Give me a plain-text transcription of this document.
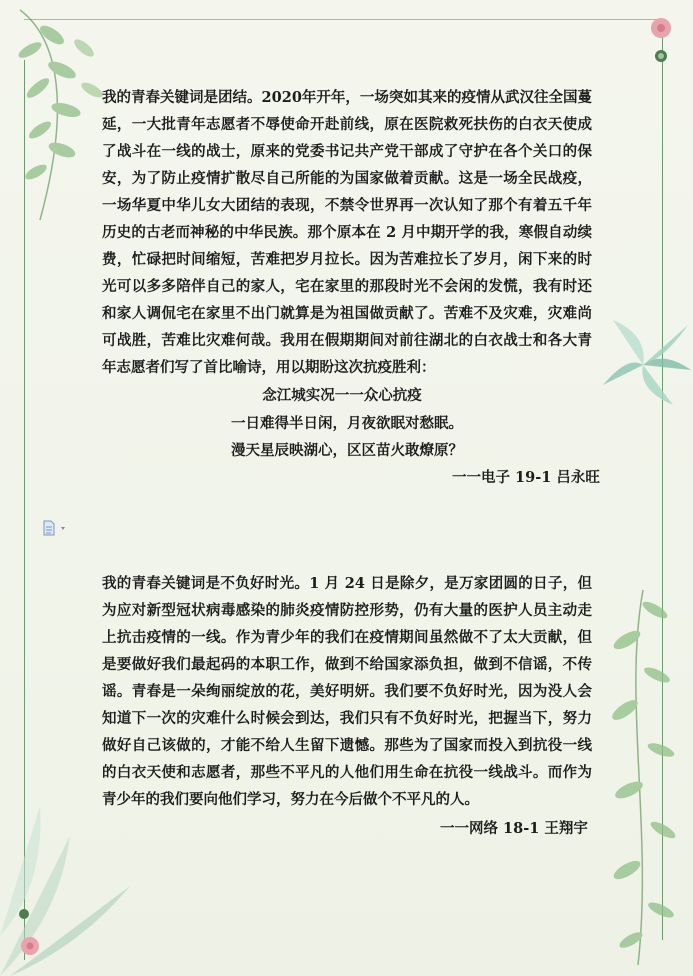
我的青春关键词是团结。2020年开年，一场突如其来的疫情从武汉往全国蔓延，一大批青年志愿者不辱使命开赴前线，原在医院救死扶伤的白衣天使成了战斗在一线的战士，原来的党委书记共产党干部成了守护在各个关口的保安，为了防止疫情扩散尽自己所能的为国家做着贡献。这是一场全民战疫，一场华夏中华儿女大团结的表现，不禁令世界再一次认知了那个有着五千年历史的古老而神秘的中华民族。那个原本在 2 月中期开学的我，寒假自动续费，忙碌把时间缩短，苦难把岁月拉长。因为苦难拉长了岁月，闲下来的时光可以多多陪伴自己的家人，宅在家里的那段时光不会闲的发慌，我有时还和家人调侃宅在家里不出门就算是为祖国做贡献了。苦难不及灾难，灾难尚可战胜，苦难比灾难何哉。我用在假期期间对前往湖北的白衣战士和各大青年志愿者们写了首比喻诗，用以期盼这次抗疫胜利：

念江城实况一一众心抗疫
一日难得半日闲，月夜欲眠对愁眠。
漫天星辰映湖心，区区苗火敢燎原？
一一电子 19-1 吕永旺

我的青春关键词是不负好时光。1 月 24 日是除夕，是万家团圆的日子，但为应对新型冠状病毒感染的肺炎疫情防控形势，仍有大量的医护人员主动走上抗击疫情的一线。作为青少年的我们在疫情期间虽然做不了太大贡献，但是要做好我们最起码的本职工作，做到不给国家添负担，做到不信谣，不传谣。青春是一朵绚丽绽放的花，美好明妍。我们要不负好时光，因为没人会知道下一次的灾难什么时候会到达，我们只有不负好时光，把握当下，努力做好自己该做的，才能不给人生留下遗憾。那些为了国家而投入到抗役一线的白衣天使和志愿者，那些不平凡的人他们用生命在抗役一线战斗。而作为青少年的我们要向他们学习，努力在今后做个不平凡的人。

一一网络 18-1 王翔宇
